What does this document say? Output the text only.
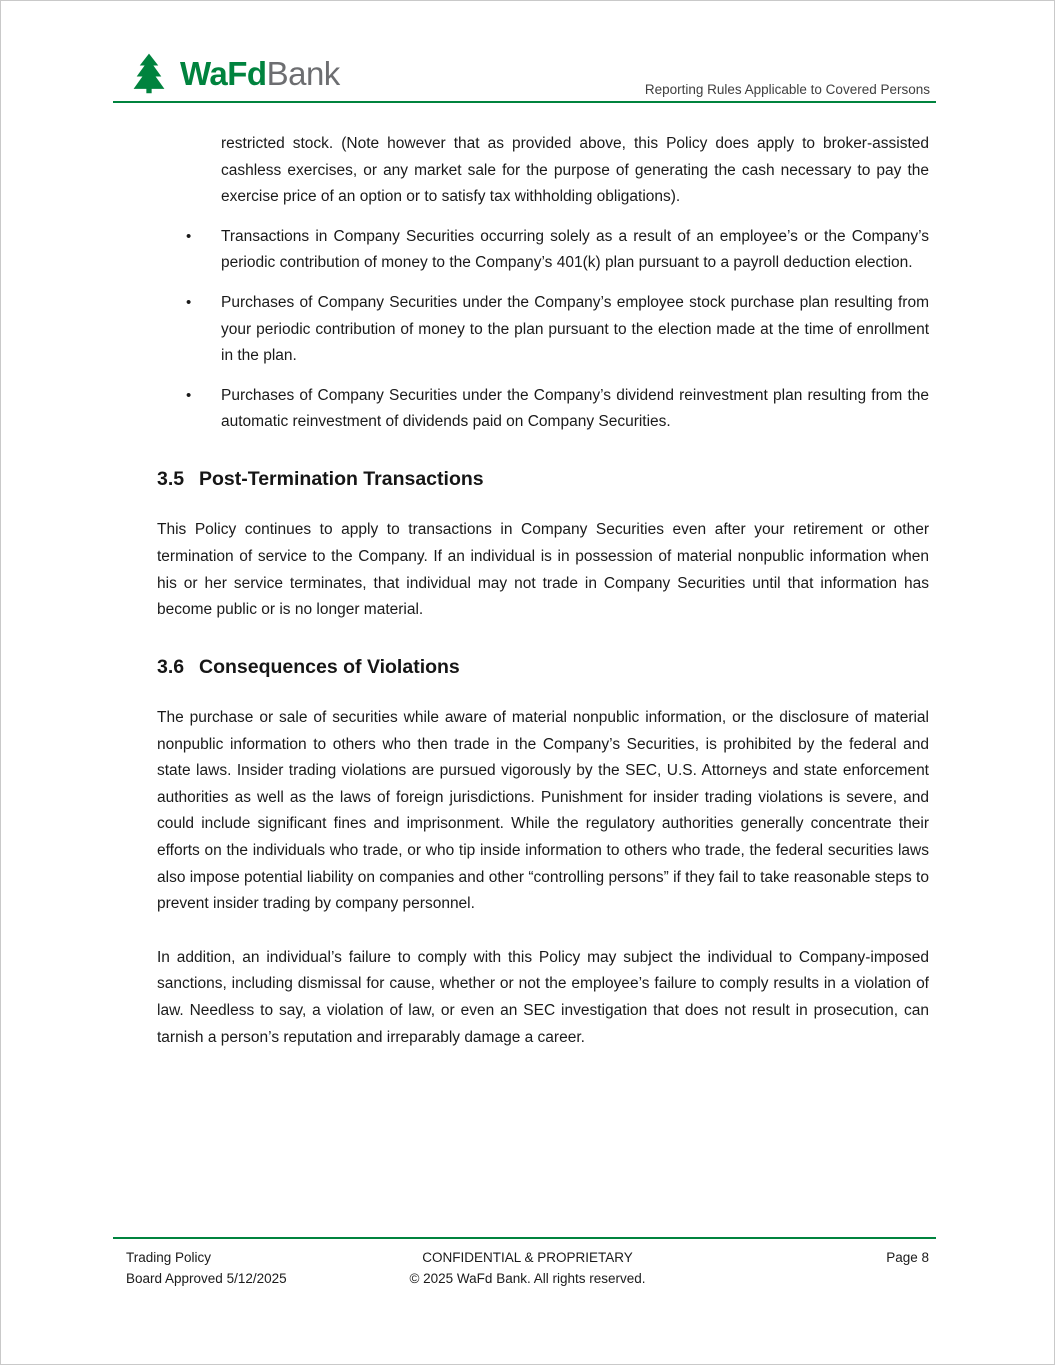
WaFdBank	Reporting Rules Applicable to Covered Persons

restricted stock. (Note however that as provided above, this Policy does apply to broker-assisted cashless exercises, or any market sale for the purpose of generating the cash necessary to pay the exercise price of an option or to satisfy tax withholding obligations).

•	Transactions in Company Securities occurring solely as a result of an employee’s or the Company’s periodic contribution of money to the Company’s 401(k) plan pursuant to a payroll deduction election.
•	Purchases of Company Securities under the Company’s employee stock purchase plan resulting from your periodic contribution of money to the plan pursuant to the election made at the time of enrollment in the plan.
•	Purchases of Company Securities under the Company’s dividend reinvestment plan resulting from the automatic reinvestment of dividends paid on Company Securities.
3.5 Post-Termination Transactions

This Policy continues to apply to transactions in Company Securities even after your retirement or other termination of service to the Company. If an individual is in possession of material nonpublic information when his or her service terminates, that individual may not trade in Company Securities until that information has become public or is no longer material.

3.6 Consequences of Violations

The purchase or sale of securities while aware of material nonpublic information, or the disclosure of material nonpublic information to others who then trade in the Company’s Securities, is prohibited by the federal and state laws. Insider trading violations are pursued vigorously by the SEC, U.S. Attorneys and state enforcement authorities as well as the laws of foreign jurisdictions. Punishment for insider trading violations is severe, and could include significant fines and imprisonment. While the regulatory authorities generally concentrate their efforts on the individuals who trade, or who tip inside information to others who trade, the federal securities laws also impose potential liability on companies and other “controlling persons” if they fail to take reasonable steps to prevent insider trading by company personnel.

In addition, an individual’s failure to comply with this Policy may subject the individual to Company-imposed sanctions, including dismissal for cause, whether or not the employee’s failure to comply results in a violation of law. Needless to say, a violation of law, or even an SEC investigation that does not result in prosecution, can tarnish a person’s reputation and irreparably damage a career.

Trading Policy
Board Approved 5/12/2025
CONFIDENTIAL & PROPRIETARY
© 2025 WaFd Bank. All rights reserved.
Page 8
